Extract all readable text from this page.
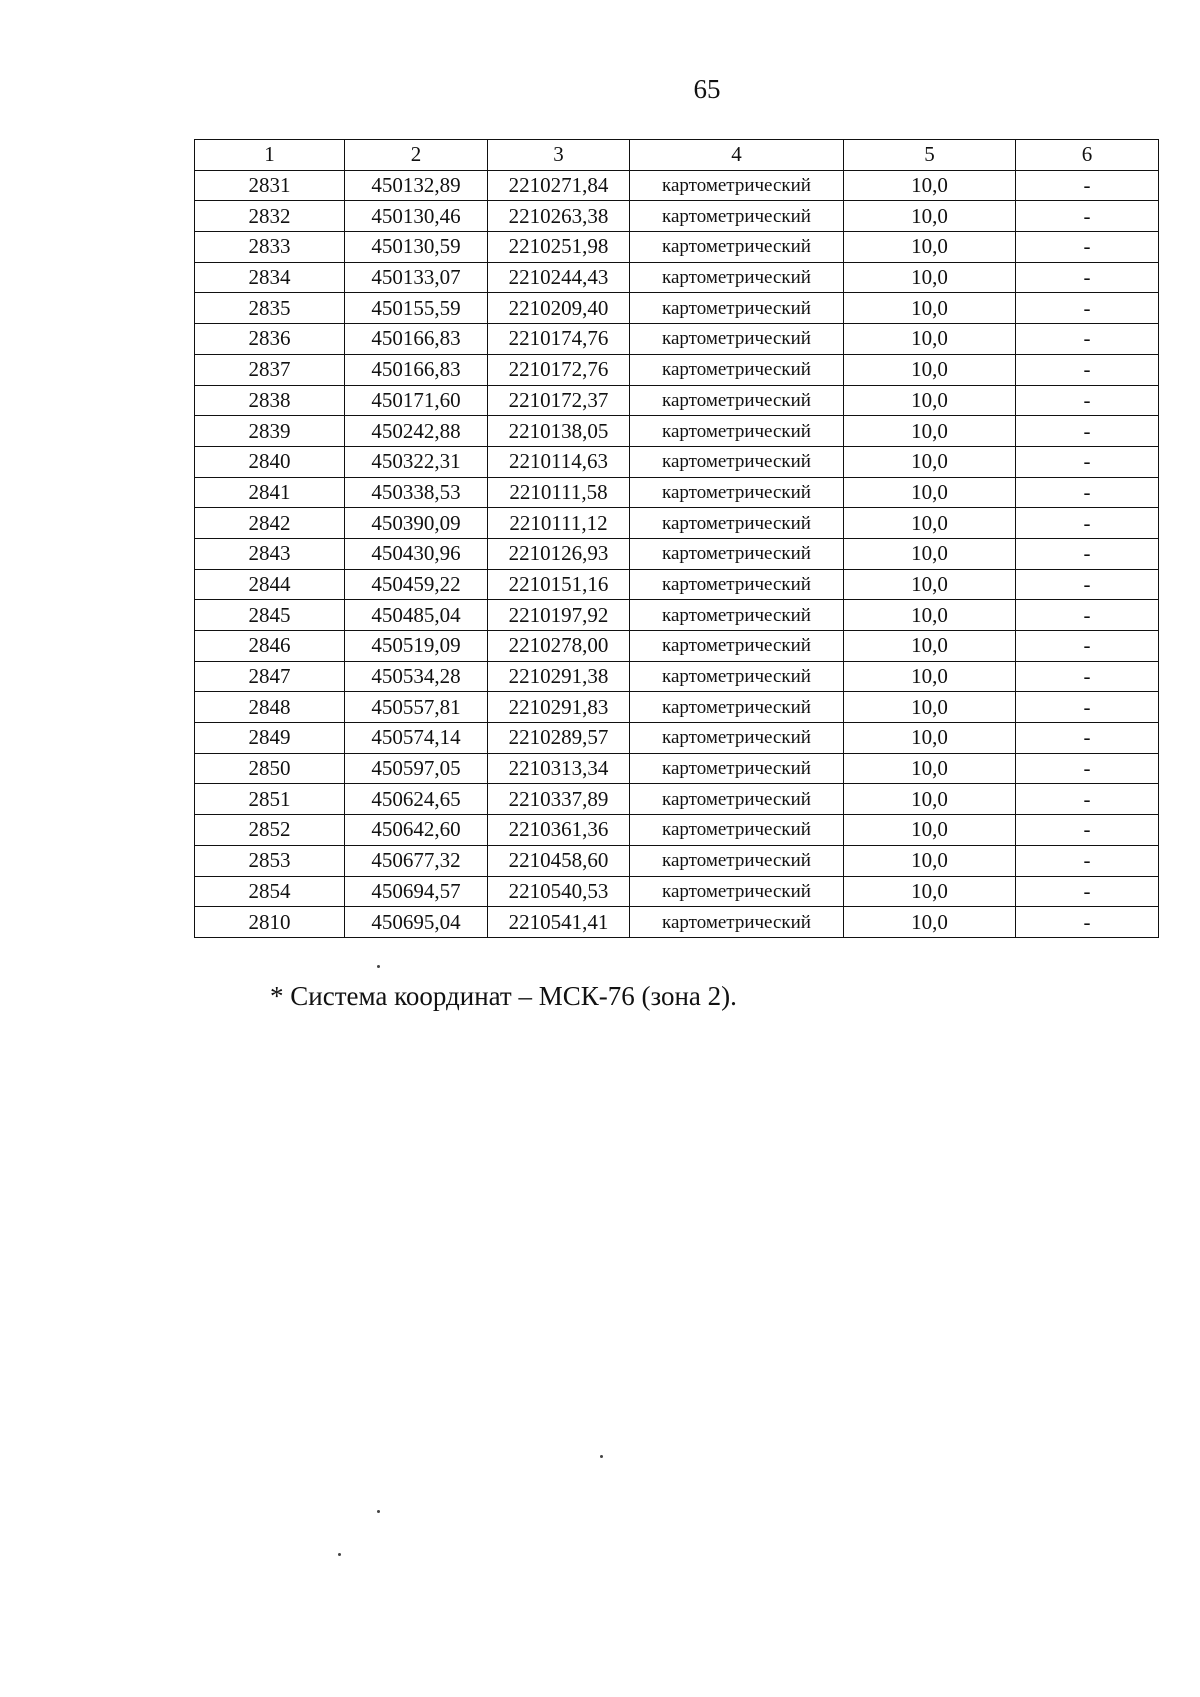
65
1	2	3	4	5	6
2831	450132,89	2210271,84	картометрический	10,0	-
2832	450130,46	2210263,38	картометрический	10,0	-
2833	450130,59	2210251,98	картометрический	10,0	-
2834	450133,07	2210244,43	картометрический	10,0	-
2835	450155,59	2210209,40	картометрический	10,0	-
2836	450166,83	2210174,76	картометрический	10,0	-
2837	450166,83	2210172,76	картометрический	10,0	-
2838	450171,60	2210172,37	картометрический	10,0	-
2839	450242,88	2210138,05	картометрический	10,0	-
2840	450322,31	2210114,63	картометрический	10,0	-
2841	450338,53	2210111,58	картометрический	10,0	-
2842	450390,09	2210111,12	картометрический	10,0	-
2843	450430,96	2210126,93	картометрический	10,0	-
2844	450459,22	2210151,16	картометрический	10,0	-
2845	450485,04	2210197,92	картометрический	10,0	-
2846	450519,09	2210278,00	картометрический	10,0	-
2847	450534,28	2210291,38	картометрический	10,0	-
2848	450557,81	2210291,83	картометрический	10,0	-
2849	450574,14	2210289,57	картометрический	10,0	-
2850	450597,05	2210313,34	картометрический	10,0	-
2851	450624,65	2210337,89	картометрический	10,0	-
2852	450642,60	2210361,36	картометрический	10,0	-
2853	450677,32	2210458,60	картометрический	10,0	-
2854	450694,57	2210540,53	картометрический	10,0	-
2810	450695,04	2210541,41	картометрический	10,0	-
* Система координат – МСК-76 (зона 2).
